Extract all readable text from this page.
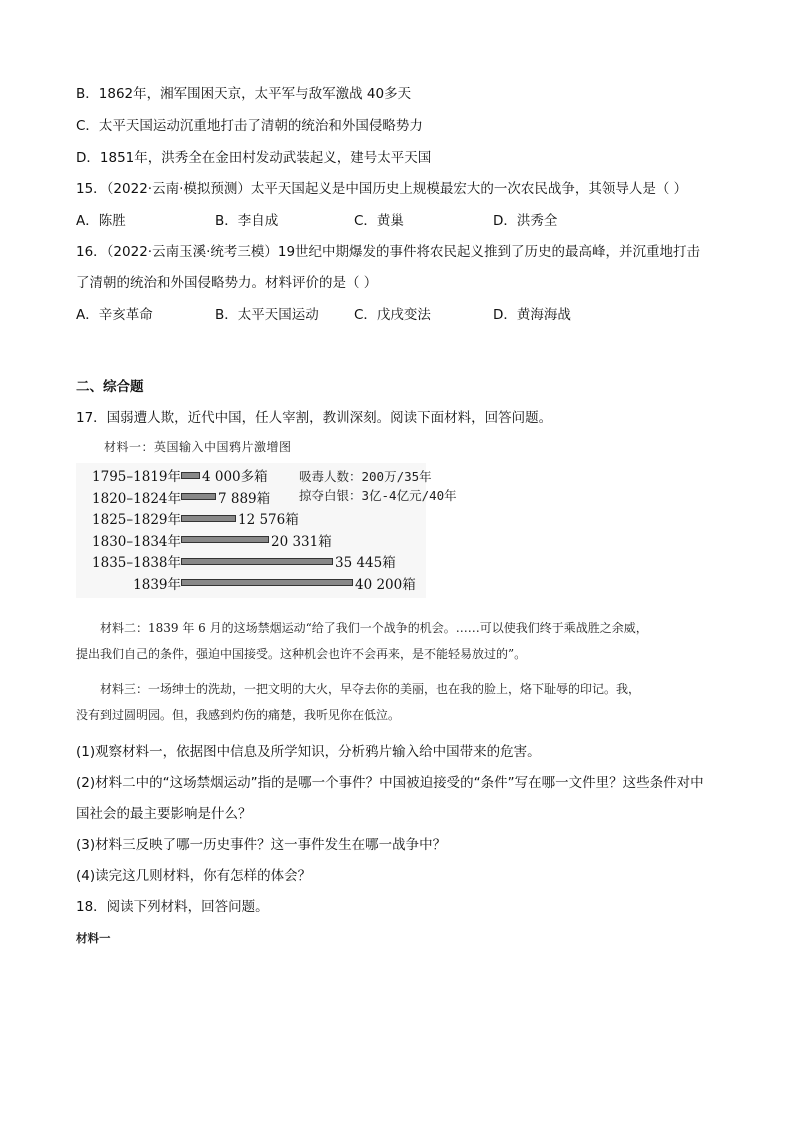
B．1862年，湘军围困天京，太平军与敌军激战 40多天
C．太平天国运动沉重地打击了清朝的统治和外国侵略势力
D．1851年，洪秀全在金田村发动武装起义，建号太平天国
15．（2022·云南·模拟预测）太平天国起义是中国历史上规模最宏大的一次农民战争，其领导人是（ ）
A．陈胜	B．李自成	C．黄巢	D．洪秀全
16．（2022·云南玉溪·统考三模）19世纪中期爆发的事件将农民起义推到了历史的最高峰，并沉重地打击
了清朝的统治和外国侵略势力。材料评价的是（ ）
A．辛亥革命	B．太平天国运动	C．戊戌变法	D．黄海海战
二、综合题
17．国弱遭人欺，近代中国，任人宰割，教训深刻。阅读下面材料，回答问题。
材料一：英国输入中国鸦片激增图
1795–1819年 4 000多箱
1820–1824年	7 889箱
1825–1829年	12 576箱
1830–1834年	20 331箱
1835–1838年	35 445箱
1839年	40 200箱
吸毒人数：200万/35年
掠夺白银：3亿-4亿元/40年

材料二：1839 年 6 月的这场禁烟运动“给了我们一个战争的机会。……可以使我们终于乘战胜之余威，

提出我们自己的条件，强迫中国接受。这种机会也许不会再来，是不能轻易放过的”。

材料三：一场绅士的洗劫，一把文明的大火，早夺去你的美丽，也在我的脸上，烙下耻辱的印记。我，

没有到过圆明园。但，我感到灼伤的痛楚，我听见你在低泣。

(1)观察材料一，依据图中信息及所学知识，分析鸦片输入给中国带来的危害。
(2)材料二中的“这场禁烟运动”指的是哪一个事件？中国被迫接受的“条件”写在哪一文件里？这些条件对中
国社会的最主要影响是什么？
(3)材料三反映了哪一历史事件？这一事件发生在哪一战争中？
(4)读完这几则材料，你有怎样的体会？
18．阅读下列材料，回答问题。
材料一
